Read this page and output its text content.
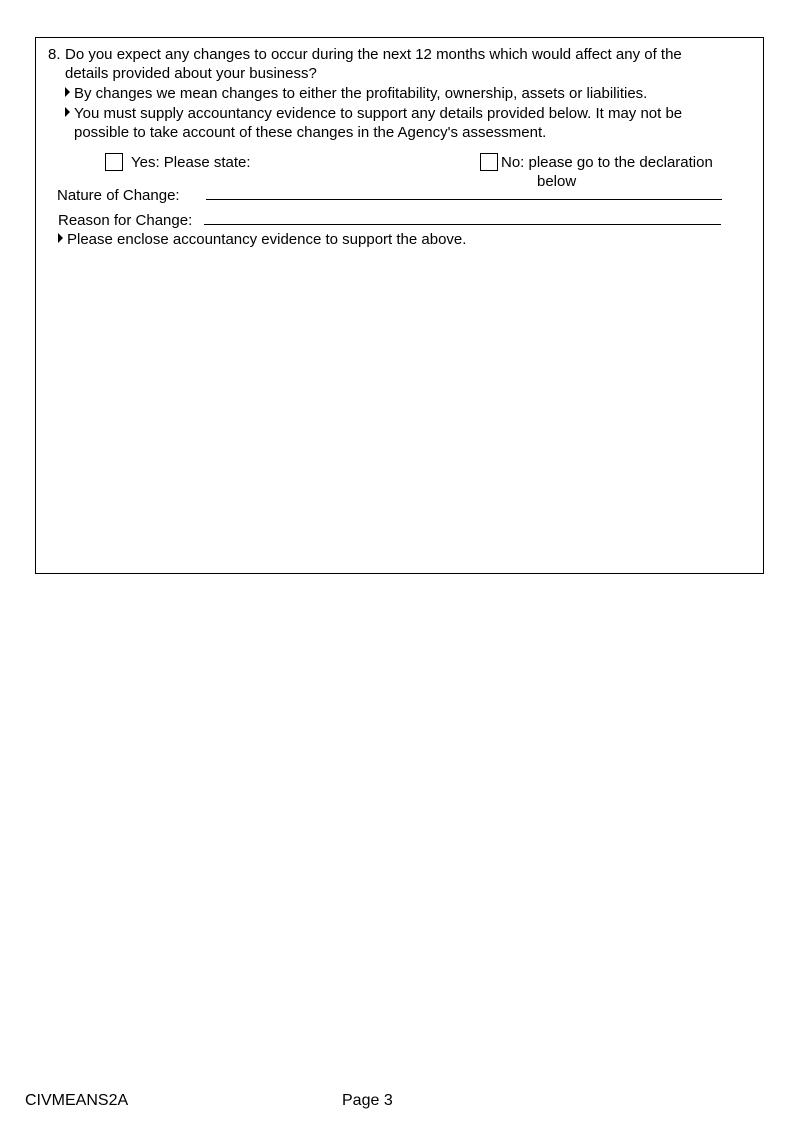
8. Do you expect any changes to occur during the next 12 months which would affect any of the
details provided about your business?
By changes we mean changes to either the profitability, ownership, assets or liabilities.
You must supply accountancy evidence to support any details provided below. It may not be
possible to take account of these changes in the Agency's assessment.
Yes: Please state:	No: please go to the declaration
below
Nature of Change:
Reason for Change:
Please enclose accountancy evidence to support the above.
CIVMEANS2A	Page 3
